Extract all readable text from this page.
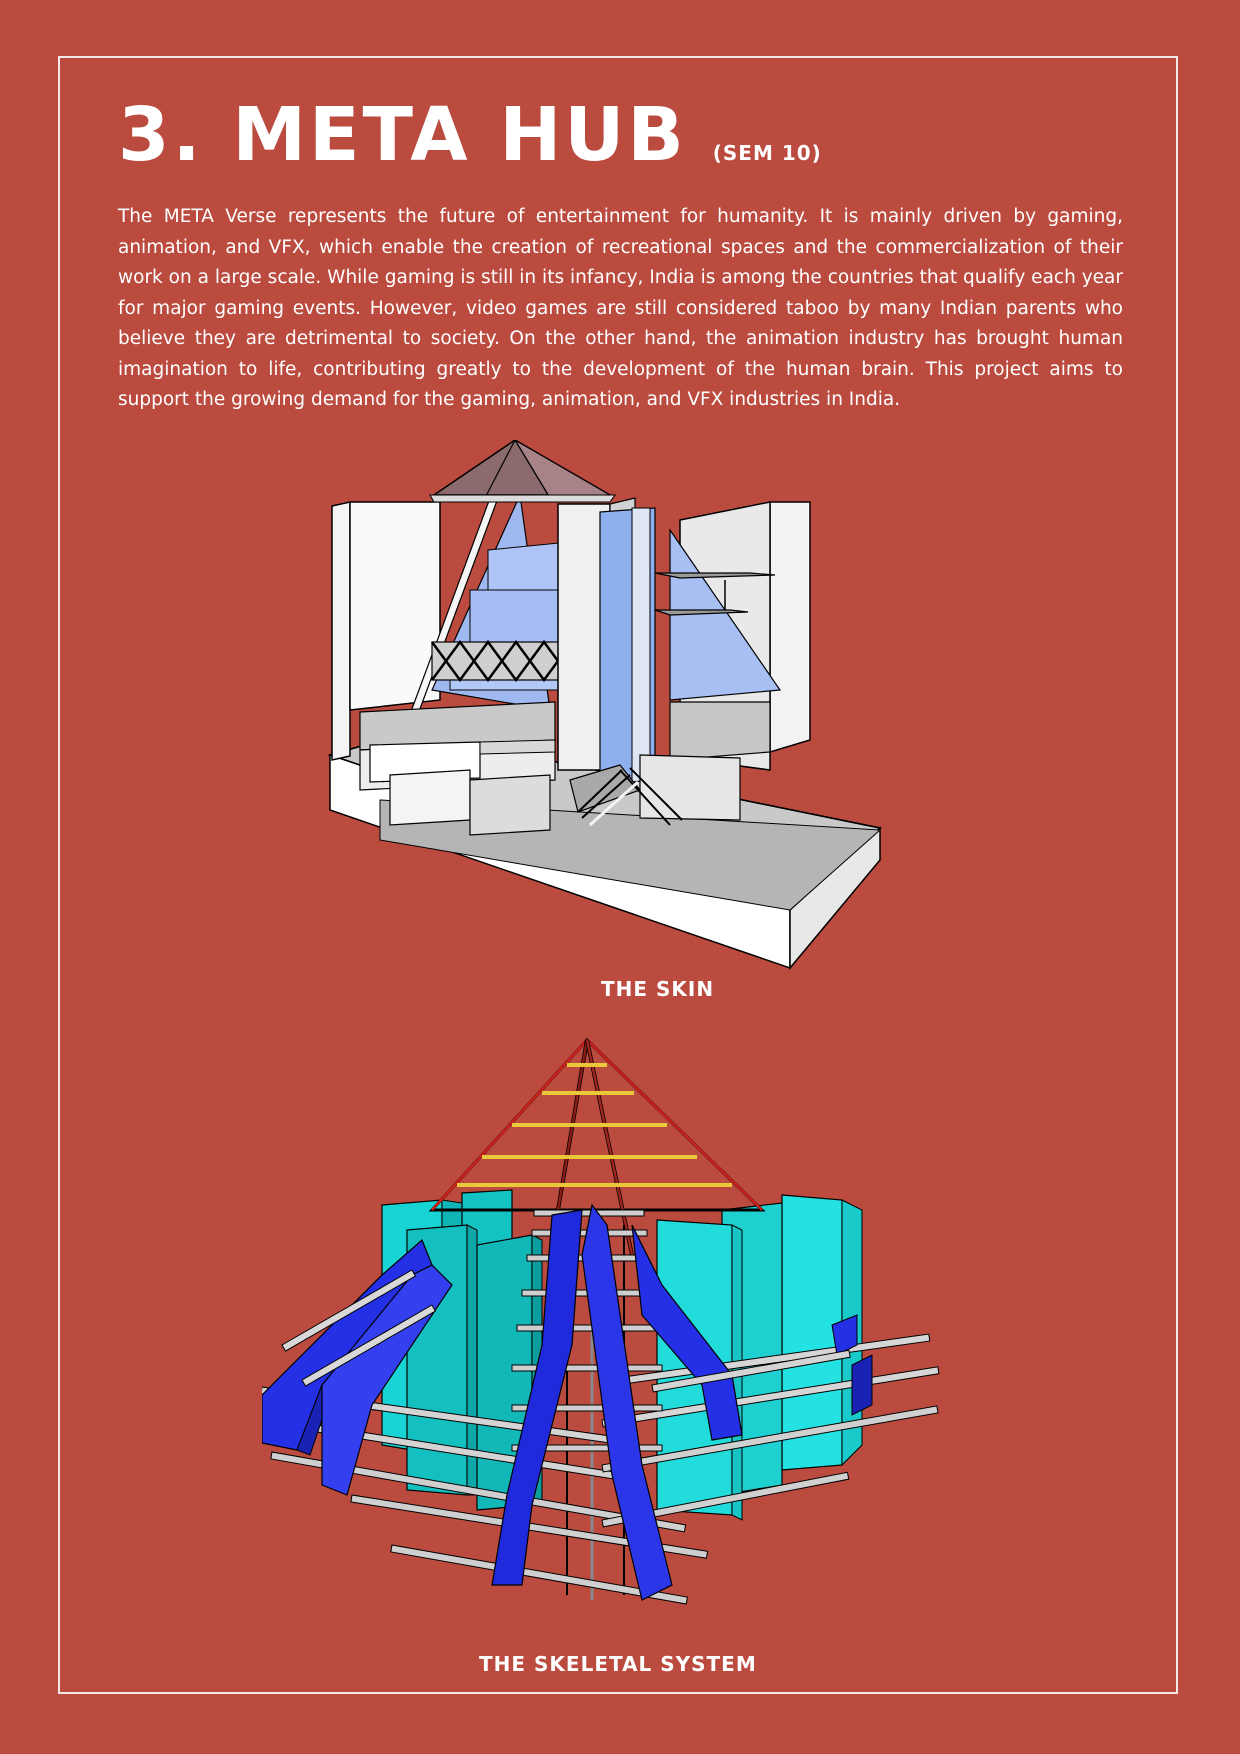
3. META HUB (SEM 10)

The META Verse represents the future of entertainment for humanity. It is mainly driven by gaming, animation, and VFX, which enable the creation of recreational spaces and the commercialization of their work on a large scale. While gaming is still in its infancy, India is among the countries that qualify each year for major gaming events. However, video games are still considered taboo by many Indian parents who believe they are detrimental to society. On the other hand, the animation industry has brought human imagination to life, contributing greatly to the development of the human brain. This project aims to support the growing demand for the gaming, animation, and VFX industries in India.

THE SKIN
THE SKELETAL SYSTEM
